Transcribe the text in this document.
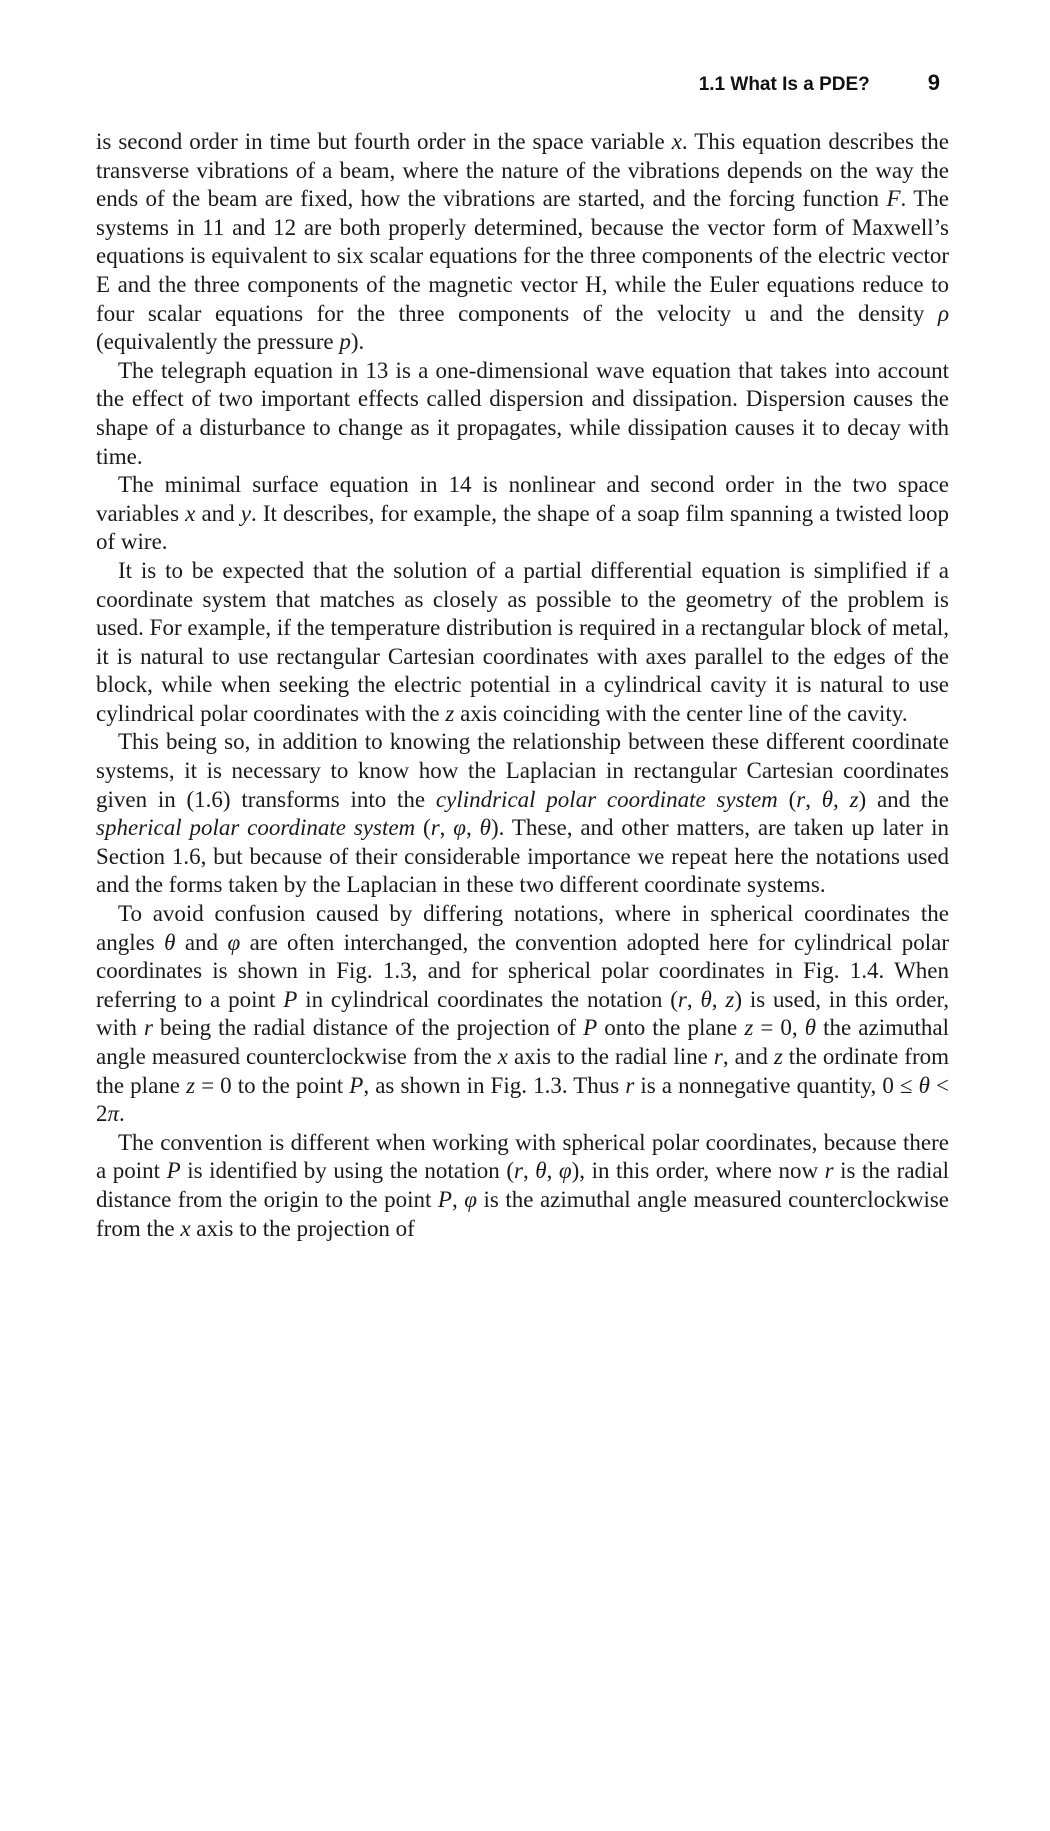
1.1 What Is a PDE?	9

is second order in time but fourth order in the space variable x. This equation describes the transverse vibrations of a beam, where the nature of the vibrations depends on the way the ends of the beam are fixed, how the vibrations are started, and the forcing function F. The systems in 11 and 12 are both properly determined, because the vector form of Maxwell’s equations is equivalent to six scalar equations for the three components of the electric vector E and the three components of the magnetic vector H, while the Euler equations reduce to four scalar equations for the three components of the velocity u and the density ρ (equivalently the pressure p).

The telegraph equation in 13 is a one-dimensional wave equation that takes into account the effect of two important effects called dispersion and dissipation. Dispersion causes the shape of a disturbance to change as it propagates, while dissipation causes it to decay with time.

The minimal surface equation in 14 is nonlinear and second order in the two space variables x and y. It describes, for example, the shape of a soap film spanning a twisted loop of wire.

It is to be expected that the solution of a partial differential equation is simplified if a coordinate system that matches as closely as possible to the geometry of the problem is used. For example, if the temperature distribution is required in a rectangular block of metal, it is natural to use rectangular Cartesian coordinates with axes parallel to the edges of the block, while when seeking the electric potential in a cylindrical cavity it is natural to use cylindrical polar coordinates with the z axis coinciding with the center line of the cavity.

This being so, in addition to knowing the relationship between these different coordinate systems, it is necessary to know how the Laplacian in rectangular Cartesian coordinates given in (1.6) transforms into the cylindrical polar coordinate system (r, θ, z) and the spherical polar coordinate system (r, φ, θ). These, and other matters, are taken up later in Section 1.6, but because of their considerable importance we repeat here the notations used and the forms taken by the Laplacian in these two different coordinate systems.

To avoid confusion caused by differing notations, where in spherical coordinates the angles θ and φ are often interchanged, the convention adopted here for cylindrical polar coordinates is shown in Fig. 1.3, and for spherical polar coordinates in Fig. 1.4. When referring to a point P in cylindrical coordinates the notation (r, θ, z) is used, in this order, with r being the radial distance of the projection of P onto the plane z = 0, θ the azimuthal angle measured counterclockwise from the x axis to the radial line r, and z the ordinate from the plane z = 0 to the point P, as shown in Fig. 1.3. Thus r is a nonnegative quantity, 0 ≤ θ < 2π.

The convention is different when working with spherical polar coordinates, because there a point P is identified by using the notation (r, θ, φ), in this order, where now r is the radial distance from the origin to the point P, φ is the azimuthal angle measured counterclockwise from the x axis to the projection of
